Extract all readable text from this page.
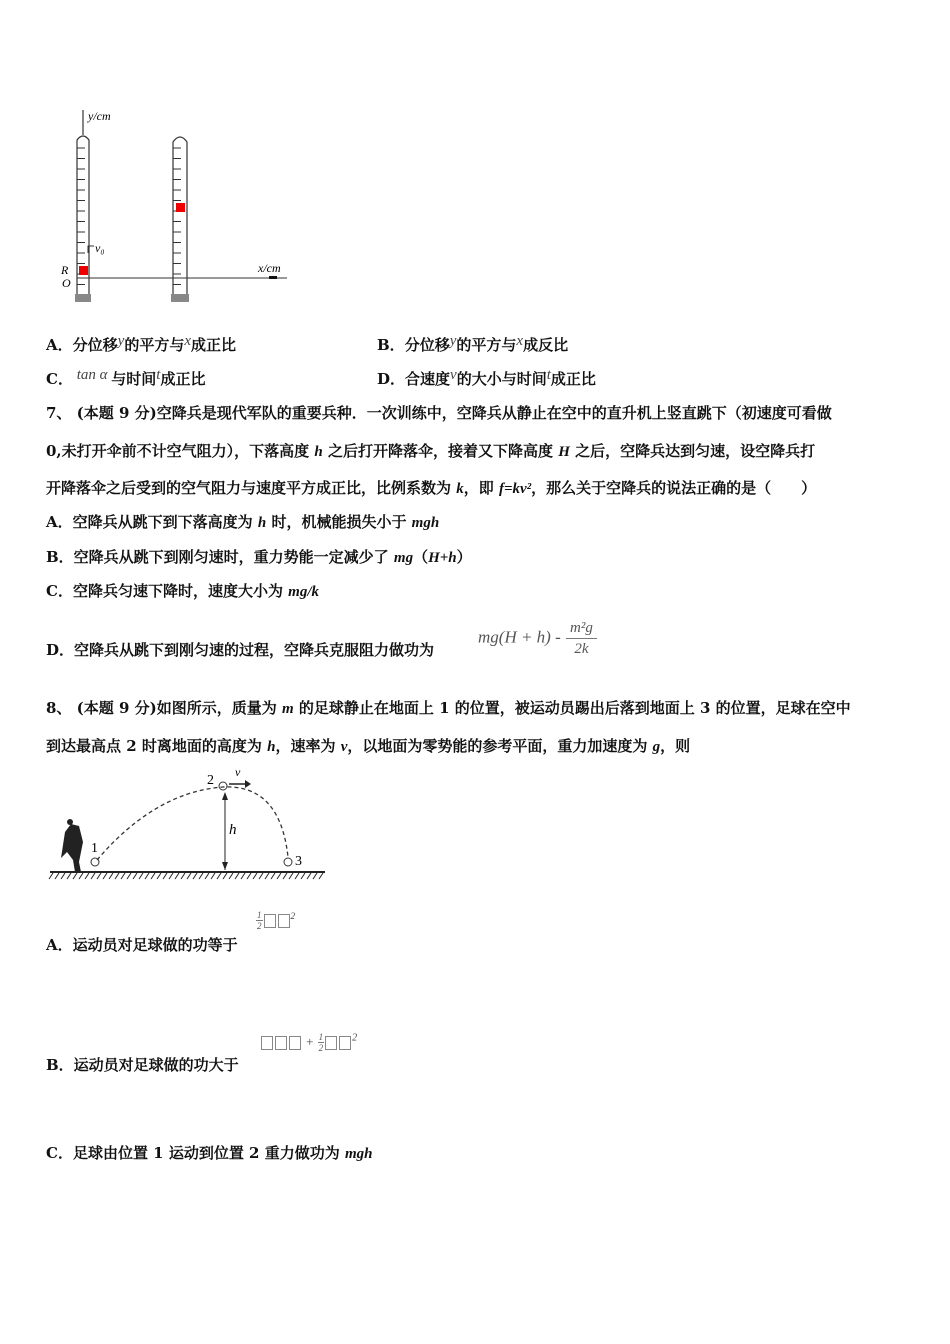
y/cm
x/cm
v₀
R
O
A．分位移y的平方与x成正比	B．分位移y的平方与x成反比
C． tan α 与时间t成正比	D．合速度v的大小与时间t成正比
7、 (本题 9 分)空降兵是现代军队的重要兵种．一次训练中，空降兵从静止在空中的直升机上竖直跳下（初速度可看做
0,未打开伞前不计空气阻力），下落高度 h 之后打开降落伞，接着又下降高度 H 之后，空降兵达到匀速，设空降兵打
开降落伞之后受到的空气阻力与速度平方成正比，比例系数为 k，即 f=kv²，那么关于空降兵的说法正确的是（　　）
A．空降兵从跳下到下落高度为 h 时，机械能损失小于 mgh
B．空降兵从跳下到刚匀速时，重力势能一定减少了 mg（H+h）
C．空降兵匀速下降时，速度大小为 mg/k
D．空降兵从跳下到刚匀速的过程，空降兵克服阻力做功为
$mg(H + h) - \frac{\text{m²g}}{2k}$
8、 (本题 9 分)如图所示，质量为 m 的足球静止在地面上 1 的位置，被运动员踢出后落到地面上 3 的位置，足球在空中
到达最高点 2 时离地面的高度为 h，速率为 v，以地面为零势能的参考平面，重力加速度为 g，则
A．运动员对足球做的功等于
B．运动员对足球做的功大于
C．足球由位置 1 运动到位置 2 重力做功为 mgh
1
2
3
h
v
$\frac{1}{2}$	$^2$
+ $\frac{1}{2}$	$^2$
